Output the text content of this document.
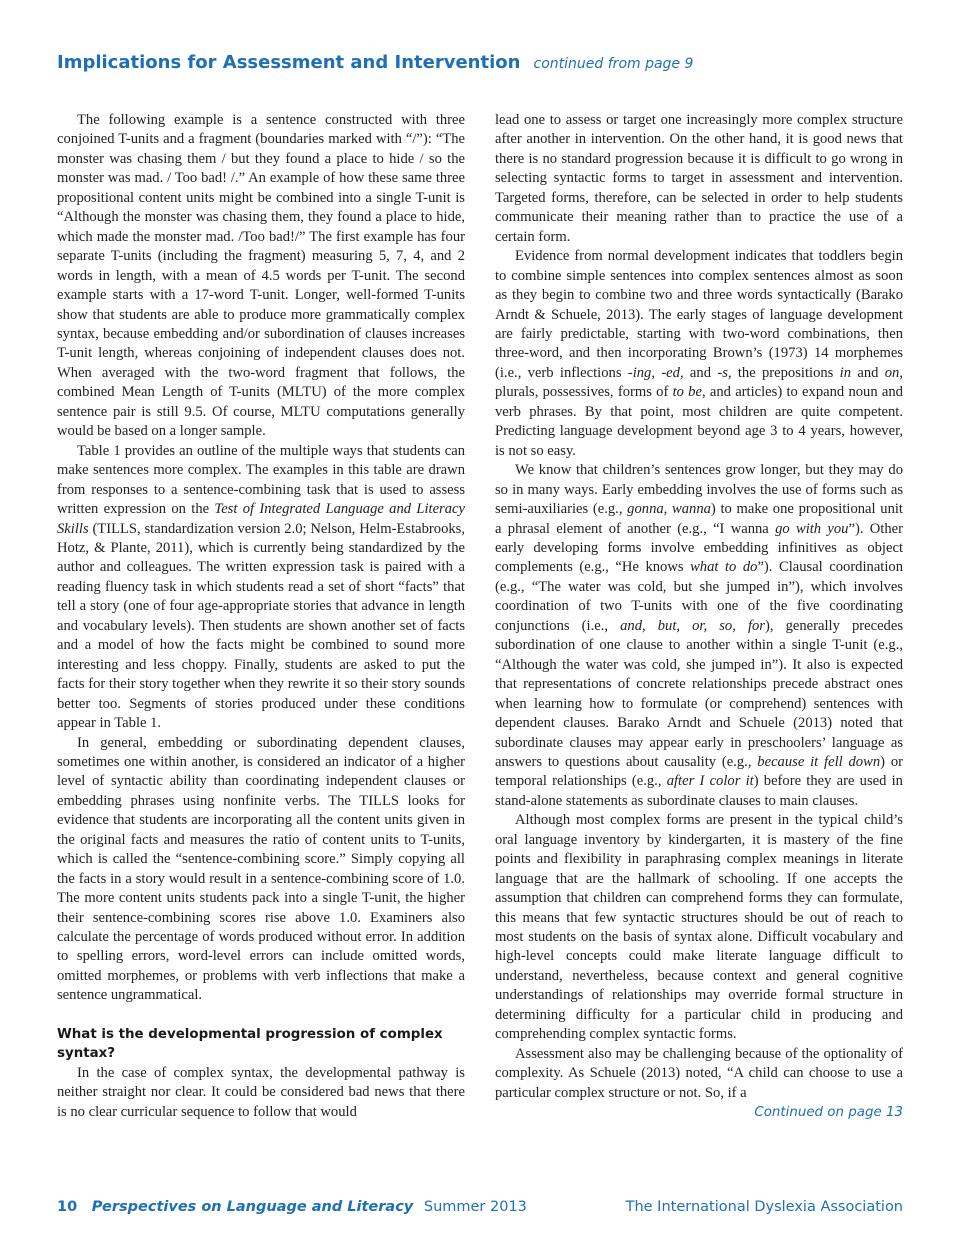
Implications for Assessment and Intervention continued from page 9

The following example is a sentence constructed with three conjoined T-units and a fragment (boundaries marked with “/”): “The monster was chasing them / but they found a place to hide / so the monster was mad. / Too bad! /.” An example of how these same three propositional content units might be combined into a single T-unit is “Although the monster was chasing them, they found a place to hide, which made the monster mad. /Too bad!/” The first example has four separate T-units (including the fragment) measuring 5, 7, 4, and 2 words in length, with a mean of 4.5 words per T-unit. The second example starts with a 17-word T-unit. Longer, well-formed T-units show that students are able to produce more grammatically complex syntax, because embedding and/or subordination of clauses increases T-unit length, whereas conjoining of independent clauses does not. When averaged with the two-word fragment that follows, the combined Mean Length of T-units (MLTU) of the more complex sentence pair is still 9.5. Of course, MLTU computations generally would be based on a longer sample.

Table 1 provides an outline of the multiple ways that students can make sentences more complex. The examples in this table are drawn from responses to a sentence-combining task that is used to assess written expression on the Test of Integrated Language and Literacy Skills (TILLS, standardization version 2.0; Nelson, Helm-Estabrooks, Hotz, & Plante, 2011), which is currently being standardized by the author and colleagues. The written expression task is paired with a reading fluency task in which students read a set of short “facts” that tell a story (one of four age-appropriate stories that advance in length and vocabulary levels). Then students are shown another set of facts and a model of how the facts might be combined to sound more interesting and less choppy. Finally, students are asked to put the facts for their story together when they rewrite it so their story sounds better too. Segments of stories produced under these conditions appear in Table 1.

In general, embedding or subordinating dependent clauses, sometimes one within another, is considered an indicator of a higher level of syntactic ability than coordinating independent clauses or embedding phrases using nonfinite verbs. The TILLS looks for evidence that students are incorporating all the content units given in the original facts and measures the ratio of content units to T-units, which is called the “sentence-combining score.” Simply copying all the facts in a story would result in a sentence-combining score of 1.0. The more content units students pack into a single T-unit, the higher their sentence-combining scores rise above 1.0. Examiners also calculate the percentage of words produced without error. In addition to spelling errors, word-level errors can include omitted words, omitted morphemes, or problems with verb inflections that make a sentence ungrammatical.

What is the developmental progression of complex syntax?

In the case of complex syntax, the developmental pathway is neither straight nor clear. It could be considered bad news that there is no clear curricular sequence to follow that would

lead one to assess or target one increasingly more complex structure after another in intervention. On the other hand, it is good news that there is no standard progression because it is difficult to go wrong in selecting syntactic forms to target in assessment and intervention. Targeted forms, therefore, can be selected in order to help students communicate their meaning rather than to practice the use of a certain form.

Evidence from normal development indicates that toddlers begin to combine simple sentences into complex sentences almost as soon as they begin to combine two and three words syntactically (Barako Arndt & Schuele, 2013). The early stages of language development are fairly predictable, starting with two-word combinations, then three-word, and then incorporating Brown’s (1973) 14 morphemes (i.e., verb inflections -ing, -ed, and -s, the prepositions in and on, plurals, possessives, forms of to be, and articles) to expand noun and verb phrases. By that point, most children are quite competent. Predicting language development beyond age 3 to 4 years, however, is not so easy.

We know that children’s sentences grow longer, but they may do so in many ways. Early embedding involves the use of forms such as semi-auxiliaries (e.g., gonna, wanna) to make one propositional unit a phrasal element of another (e.g., “I wanna go with you”). Other early developing forms involve embedding infinitives as object complements (e.g., “He knows what to do”). Clausal coordination (e.g., “The water was cold, but she jumped in”), which involves coordination of two T-units with one of the five coordinating conjunctions (i.e., and, but, or, so, for), generally precedes subordination of one clause to another within a single T-unit (e.g., “Although the water was cold, she jumped in”). It also is expected that representations of concrete relationships precede abstract ones when learning how to formulate (or comprehend) sentences with dependent clauses. Barako Arndt and Schuele (2013) noted that subordinate clauses may appear early in preschoolers’ language as answers to questions about causality (e.g., because it fell down) or temporal relationships (e.g., after I color it) before they are used in stand-alone statements as subordinate clauses to main clauses.

Although most complex forms are present in the typical child’s oral language inventory by kindergarten, it is mastery of the fine points and flexibility in paraphrasing complex meanings in literate language that are the hallmark of schooling. If one accepts the assumption that children can comprehend forms they can formulate, this means that few syntactic structures should be out of reach to most students on the basis of syntax alone. Difficult vocabulary and high-level concepts could make literate language difficult to understand, nevertheless, because context and general cognitive understandings of relationships may override formal structure in determining difficulty for a particular child in producing and comprehending complex syntactic forms.

Assessment also may be challenging because of the optionality of complexity. As Schuele (2013) noted, “A child can choose to use a particular complex structure or not. So, if a

Continued on page 13
10 Perspectives on Language and Literacy Summer 2013	The International Dyslexia Association
